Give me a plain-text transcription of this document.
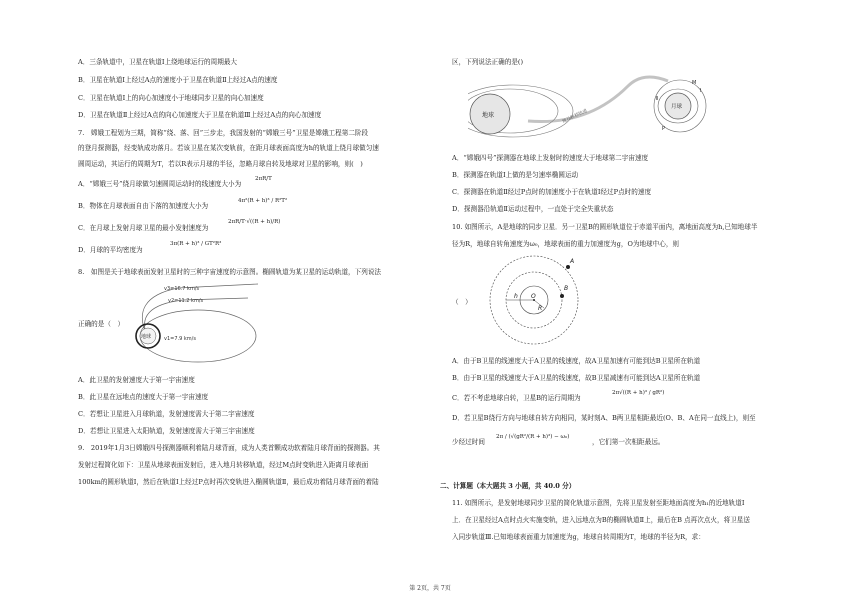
A．三条轨道中，卫星在轨道Ⅰ上绕地球运行的周期最大
B．卫星在轨道Ⅰ上经过A点的速度小于卫星在轨道Ⅱ上经过A点的速度
C．卫星在轨道Ⅰ上的向心加速度小于地球同步卫星的向心加速度
D．卫星在轨道Ⅱ上经过A点的向心加速度大于卫星在轨道Ⅲ上经过A点的向心加速度
7.　嫦娥工程划为三期，简称“绕、落、回”三步走，我国发射的“嫦娥三号”卫星是嫦娥工程第二阶段
的登月探测器，经变轨成功落月。若该卫星在某次变轨前，在距月球表面高度为h的轨道上绕月球做匀速
圆周运动，其运行的周期为T，若以R表示月球的半径，忽略月球自转及地球对卫星的影响，则(　)
A．“嫦娥三号”绕月球做匀速圆周运动时的线速度大小为
2πR/T
B．物体在月球表面自由下落的加速度大小为
4π²(R + h)³ / R²T²
C．在月球上发射月球卫星的最小发射速度为
2πR/T·√((R + h)/R)
D．月球的平均密度为
3π(R + h)³ / GT²R³
8.　如图是关于地球表面发射卫星时的三种宇宙速度的示意图。椭圆轨道为某卫星的运动轨道，下列说法
地球
v3=16.7 km/s
v2=11.2 km/s
v1=7.9 km/s
正确的是（　）
A．此卫星的发射速度大于第一宇宙速度
B．此卫星在远地点的速度大于第一宇宙速度
C．若想让卫星进入月球轨道，发射速度需大于第二宇宙速度
D．若想让卫星进入太阳轨道，发射速度需大于第三宇宙速度
9.　2019年1月3日嫦娥四号探测器顺利着陆月球背面，成为人类首颗成功软着陆月球背面的探测器。其
发射过程简化如下：卫星从地球表面发射后，进入地月转移轨道，经过M点时变轨进入距离月球表面
100km的圆形轨道Ⅰ，然后在轨道Ⅰ上经过P点时再次变轨进入椭圆轨道Ⅱ，最后成功着陆月球背面的着陆
区，下列说法正确的是()
地球	地月转移轨道
月球
M
Ⅰ
Ⅱ
P
A．“嫦娥四号”探测器在地球上发射时的速度大于地球第二宇宙速度
B．探测器在轨道Ⅰ上做的是匀速率椭圆运动
C．探测器在轨道Ⅱ经过P点时的加速度小于在轨道Ⅰ经过P点时的速度
D．探测器沿轨道Ⅱ运动过程中，一直处于完全失重状态
10. 如图所示，A是地球的同步卫星．另一卫星B的圆形轨道位于赤道平面内，离地面高度为h,已知地球半
径为R，地球自转角速度为ω₀，地球表面的重力加速度为g，O为地球中心，则
A
B
h O
R
（　）
A．由于B卫星的线速度大于A卫星的线速度，故A卫星加速有可能到达B卫星所在轨道
B．由于B卫星的线速度大于A卫星的线速度，故B卫星减速有可能到达A卫星所在轨道
C．若不考虑地球自转，卫星B的运行周期为
2π√((R + h)³ / gR²)
D．若卫星B绕行方向与地球自转方向相同，某时刻A、B两卫星相距最近(O、B、A在同一直线上)，则至
少经过时间
2π / (√(gR²/(R + h)³) − ω₀)
，它们第一次相距最远。
二、计算题（本大题共 3 小题，共 40.0 分）
11. 如图所示，是发射地球同步卫星的简化轨道示意图，先将卫星发射至距地面高度为h₁的近地轨道Ⅰ
上．在卫星经过A点时点火实施变轨，进入远地点为B的椭圆轨道Ⅱ上，最后在B 点再次点火，将卫星送
入同步轨道Ⅲ.已知地球表面重力加速度为g，地球自转周期为T，地球的半径为R，求：
第 2页，共 7页
